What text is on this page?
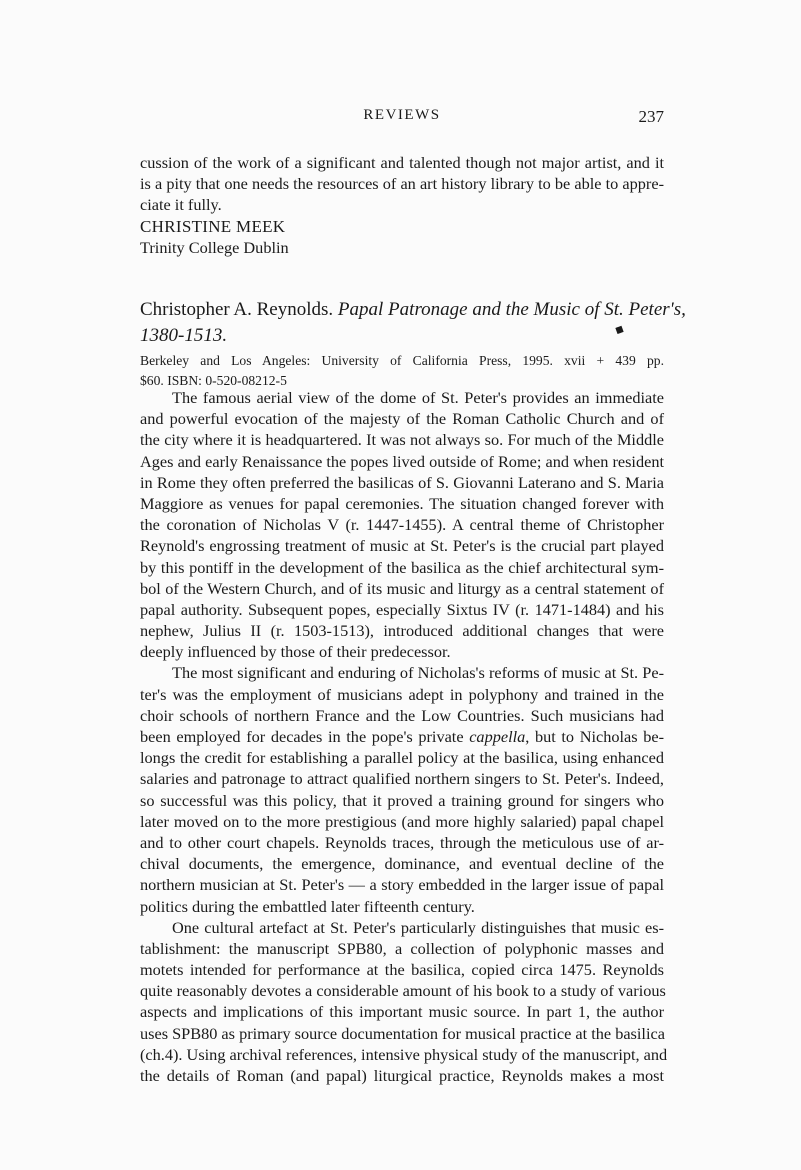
REVIEWS	237
cussion of the work of a significant and talented though not major artist, and it
is a pity that one needs the resources of an art history library to be able to appre-
ciate it fully.
CHRISTINE MEEK
Trinity College Dublin
Christopher A. Reynolds. Papal Patronage and the Music of St. Peter's,
1380-1513.
Berkeley and Los Angeles: University of California Press, 1995. xvii + 439 pp.
$60. ISBN: 0-520-08212-5
The famous aerial view of the dome of St. Peter's provides an immediate
and powerful evocation of the majesty of the Roman Catholic Church and of
the city where it is headquartered. It was not always so. For much of the Middle
Ages and early Renaissance the popes lived outside of Rome; and when resident
in Rome they often preferred the basilicas of S. Giovanni Laterano and S. Maria
Maggiore as venues for papal ceremonies. The situation changed forever with
the coronation of Nicholas V (r. 1447-1455). A central theme of Christopher
Reynold's engrossing treatment of music at St. Peter's is the crucial part played
by this pontiff in the development of the basilica as the chief architectural sym-
bol of the Western Church, and of its music and liturgy as a central statement of
papal authority. Subsequent popes, especially Sixtus IV (r. 1471-1484) and his
nephew, Julius II (r. 1503-1513), introduced additional changes that were
deeply influenced by those of their predecessor.
The most significant and enduring of Nicholas's reforms of music at St. Pe-
ter's was the employment of musicians adept in polyphony and trained in the
choir schools of northern France and the Low Countries. Such musicians had
been employed for decades in the pope's private cappella, but to Nicholas be-
longs the credit for establishing a parallel policy at the basilica, using enhanced
salaries and patronage to attract qualified northern singers to St. Peter's. Indeed,
so successful was this policy, that it proved a training ground for singers who
later moved on to the more prestigious (and more highly salaried) papal chapel
and to other court chapels. Reynolds traces, through the meticulous use of ar-
chival documents, the emergence, dominance, and eventual decline of the
northern musician at St. Peter's — a story embedded in the larger issue of papal
politics during the embattled later fifteenth century.
One cultural artefact at St. Peter's particularly distinguishes that music es-
tablishment: the manuscript SPB80, a collection of polyphonic masses and
motets intended for performance at the basilica, copied circa 1475. Reynolds
quite reasonably devotes a considerable amount of his book to a study of various
aspects and implications of this important music source. In part 1, the author
uses SPB80 as primary source documentation for musical practice at the basilica
(ch.4). Using archival references, intensive physical study of the manuscript, and
the details of Roman (and papal) liturgical practice, Reynolds makes a most
◆
